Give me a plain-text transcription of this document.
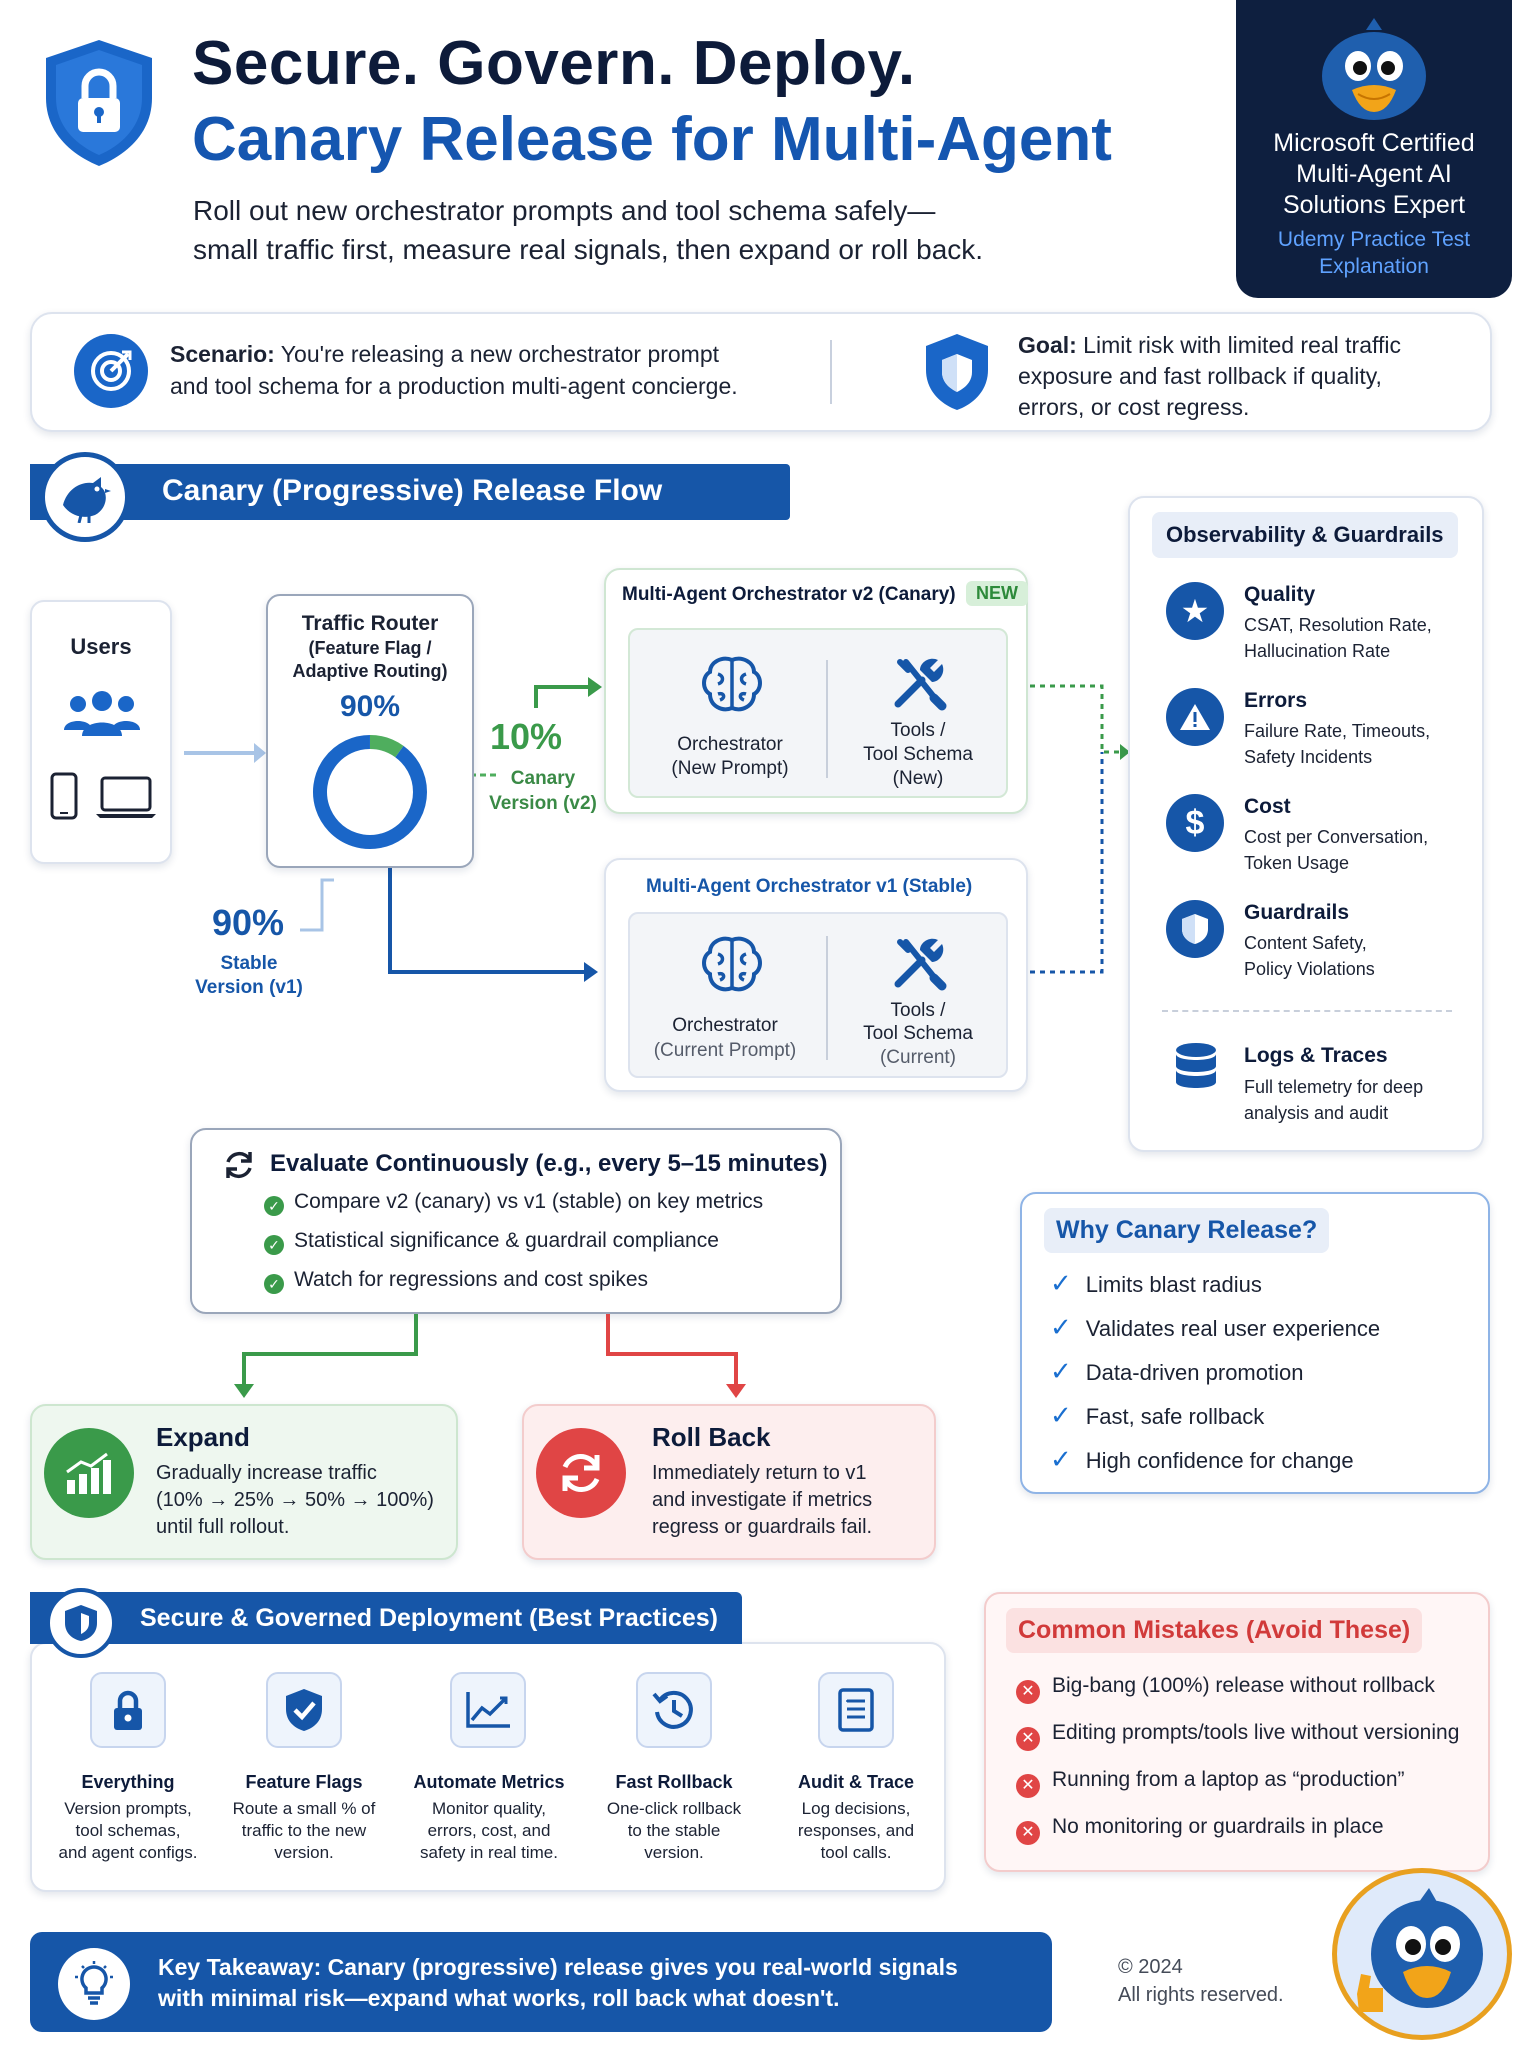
Secure. Govern. Deploy.
Canary Release for Multi-Agent
Roll out new orchestrator prompts and tool schema safely—
small traffic first, measure real signals, then expand or roll back.
Microsoft Certified
Multi-Agent AI
Solutions Expert
Udemy Practice Test
Explanation
Scenario: You're releasing a new orchestrator prompt
and tool schema for a production multi-agent concierge.
Goal: Limit risk with limited real traffic
exposure and fast rollback if quality,
errors, or cost regress.
Canary (Progressive) Release Flow
Users
Traffic Router
(Feature Flag /
Adaptive Routing)
90%
10%
Canary
Version (v2)
90%
Stable
Version (v1)
Multi-Agent Orchestrator v2 (Canary)	NEW
Orchestrator
(New Prompt)
Tools /
Tool Schema
(New)
Multi-Agent Orchestrator v1 (Stable)
Orchestrator
(Current Prompt)
Tools /
Tool Schema
(Current)
Observability & Guardrails
★	Quality
CSAT, Resolution Rate,
Hallucination Rate
Errors
Failure Rate, Timeouts,
Safety Incidents
$	Cost
Cost per Conversation,
Token Usage
Guardrails
Content Safety,
Policy Violations
Logs & Traces
Full telemetry for deep
analysis and audit
Evaluate Continuously (e.g., every 5–15 minutes)
✓ Compare v2 (canary) vs v1 (stable) on key metrics
✓ Statistical significance & guardrail compliance
✓ Watch for regressions and cost spikes
Expand
Gradually increase traffic
(10% → 25% → 50% → 100%)
until full rollout.
Roll Back
Immediately return to v1
and investigate if metrics
regress or guardrails fail.
Why Canary Release?
✓ Limits blast radius
✓ Validates real user experience
✓ Data-driven promotion
✓ Fast, safe rollback
✓ High confidence for change
Secure & Governed Deployment (Best Practices)
Everything
Version prompts,
tool schemas,
and agent configs.
Feature Flags
Route a small % of
traffic to the new
version.
Automate Metrics
Monitor quality,
errors, cost, and
safety in real time.
Fast Rollback
One-click rollback
to the stable
version.
Audit & Trace
Log decisions,
responses, and
tool calls.
Common Mistakes (Avoid These)
✕ Big-bang (100%) release without rollback
✕ Editing prompts/tools live without versioning
✕ Running from a laptop as “production”
✕ No monitoring or guardrails in place
Key Takeaway: Canary (progressive) release gives you real-world signals
with minimal risk—expand what works, roll back what doesn't.
© 2024
All rights reserved.
